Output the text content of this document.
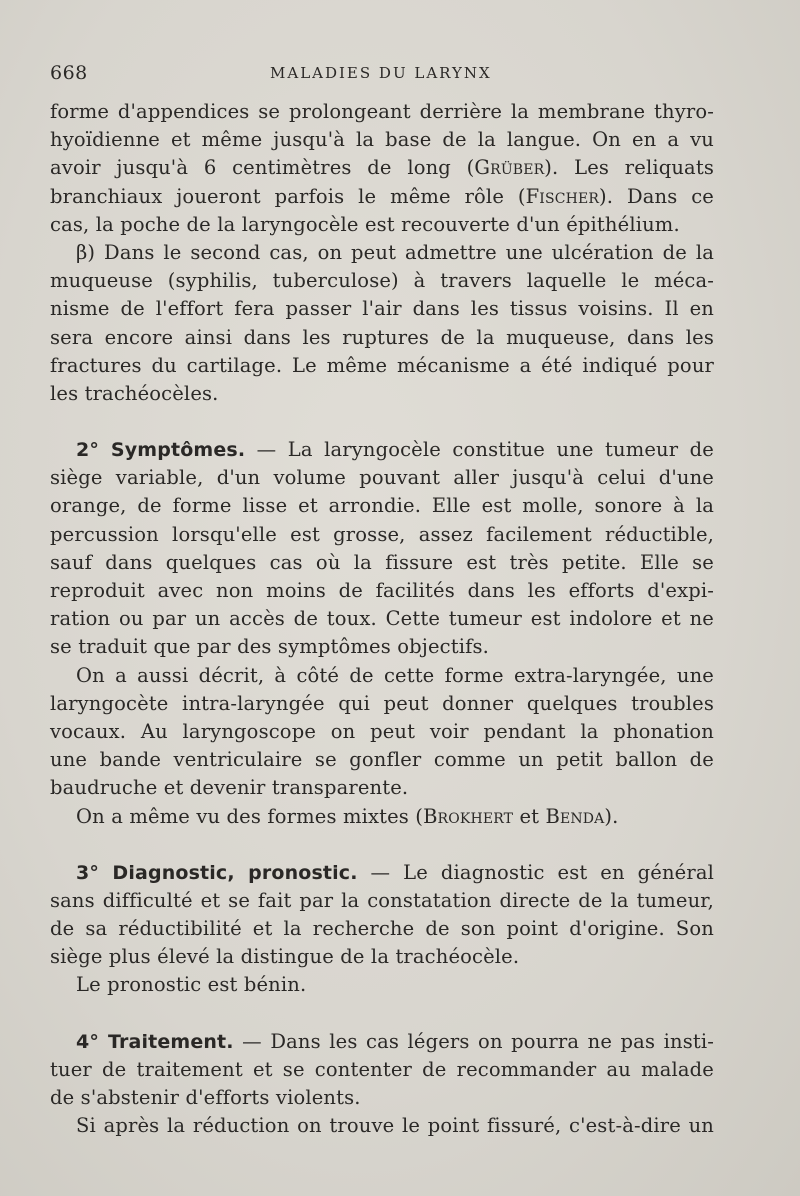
668	MALADIES DU LARYNX
forme d'appendices se prolongeant derrière la membrane thyro-
hyoïdienne et même jusqu'à la base de la langue. On en a vu
avoir jusqu'à 6 centimètres de long (Grüber). Les reliquats
branchiaux joueront parfois le même rôle (Fischer). Dans ce
cas, la poche de la laryngocèle est recouverte d'un épithélium.
β) Dans le second cas, on peut admettre une ulcération de la
muqueuse (syphilis, tuberculose) à travers laquelle le méca-
nisme de l'effort fera passer l'air dans les tissus voisins. Il en
sera encore ainsi dans les ruptures de la muqueuse, dans les
fractures du cartilage. Le même mécanisme a été indiqué pour
les trachéocèles.
2° Symptômes. — La laryngocèle constitue une tumeur de
siège variable, d'un volume pouvant aller jusqu'à celui d'une
orange, de forme lisse et arrondie. Elle est molle, sonore à la
percussion lorsqu'elle est grosse, assez facilement réductible,
sauf dans quelques cas où la fissure est très petite. Elle se
reproduit avec non moins de facilités dans les efforts d'expi-
ration ou par un accès de toux. Cette tumeur est indolore et ne
se traduit que par des symptômes objectifs.
On a aussi décrit, à côté de cette forme extra-laryngée, une
laryngocète intra-laryngée qui peut donner quelques troubles
vocaux. Au laryngoscope on peut voir pendant la phonation
une bande ventriculaire se gonfler comme un petit ballon de
baudruche et devenir transparente.
On a même vu des formes mixtes (Brokhert et Benda).
3° Diagnostic, pronostic. — Le diagnostic est en général
sans difficulté et se fait par la constatation directe de la tumeur,
de sa réductibilité et la recherche de son point d'origine. Son
siège plus élevé la distingue de la trachéocèle.
Le pronostic est bénin.
4° Traitement. — Dans les cas légers on pourra ne pas insti-
tuer de traitement et se contenter de recommander au malade
de s'abstenir d'efforts violents.
Si après la réduction on trouve le point fissuré, c'est-à-dire un
